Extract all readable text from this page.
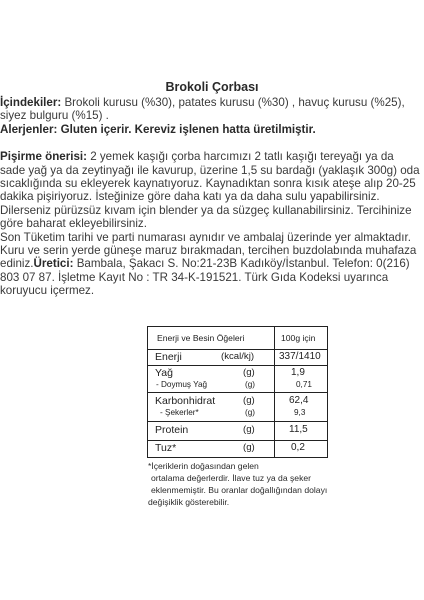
Brokoli Çorbası

İçindekiler: Brokoli kurusu (%30), patates kurusu (%30) , havuç kurusu (%25), siyez bulguru (%15) .

Alerjenler: Gluten içerir. Kereviz işlenen hatta üretilmiştir.

Pişirme önerisi: 2 yemek kaşığı çorba harcımızı 2 tatlı kaşığı tereyağı ya da sade yağ ya da zeytinyağı ile kavurup, üzerine 1,5 su bardağı (yaklaşık 300g) oda sıcaklığında su ekleyerek kaynatıyoruz. Kaynadıktan sonra kısık ateşe alıp 20-25 dakika pişiriyoruz. İsteğinize göre daha katı ya da daha sulu yapabilirsiniz. Dilerseniz pürüzsüz kıvam için blender ya da süzgeç kullanabilirsiniz. Tercihinize göre baharat ekleyebilirsiniz.

Son Tüketim tarihi ve parti numarası aynıdır ve ambalaj üzerinde yer almaktadır. Kuru ve serin yerde güneşe maruz bırakmadan, tercihen buzdolabında muhafaza ediniz.Üretici: Bambala, Şakacı S. No:21-23B Kadıköy/İstanbul. Telefon: 0(216) 803 07 87. İşletme Kayıt No : TR 34-K-191521. Türk Gıda Kodeksi uyarınca koruyucu içermez.

Enerji ve Besin Öğeleri	100g için
Enerji	(kcal/kj) 337/1410
Yağ	(g)	1,9
- Doymuş Yağ	(g)	0,71
Karbonhidrat	(g)	62,4
- Şekerler*	(g)	9,3
Protein	(g)	11,5
Tuz*	(g)	0,2
*İçeriklerin doğasından gelen
ortalama değerlerdir. İlave tuz ya da şeker
eklenmemiştir. Bu oranlar doğallığından dolayı
değişiklik gösterebilir.
